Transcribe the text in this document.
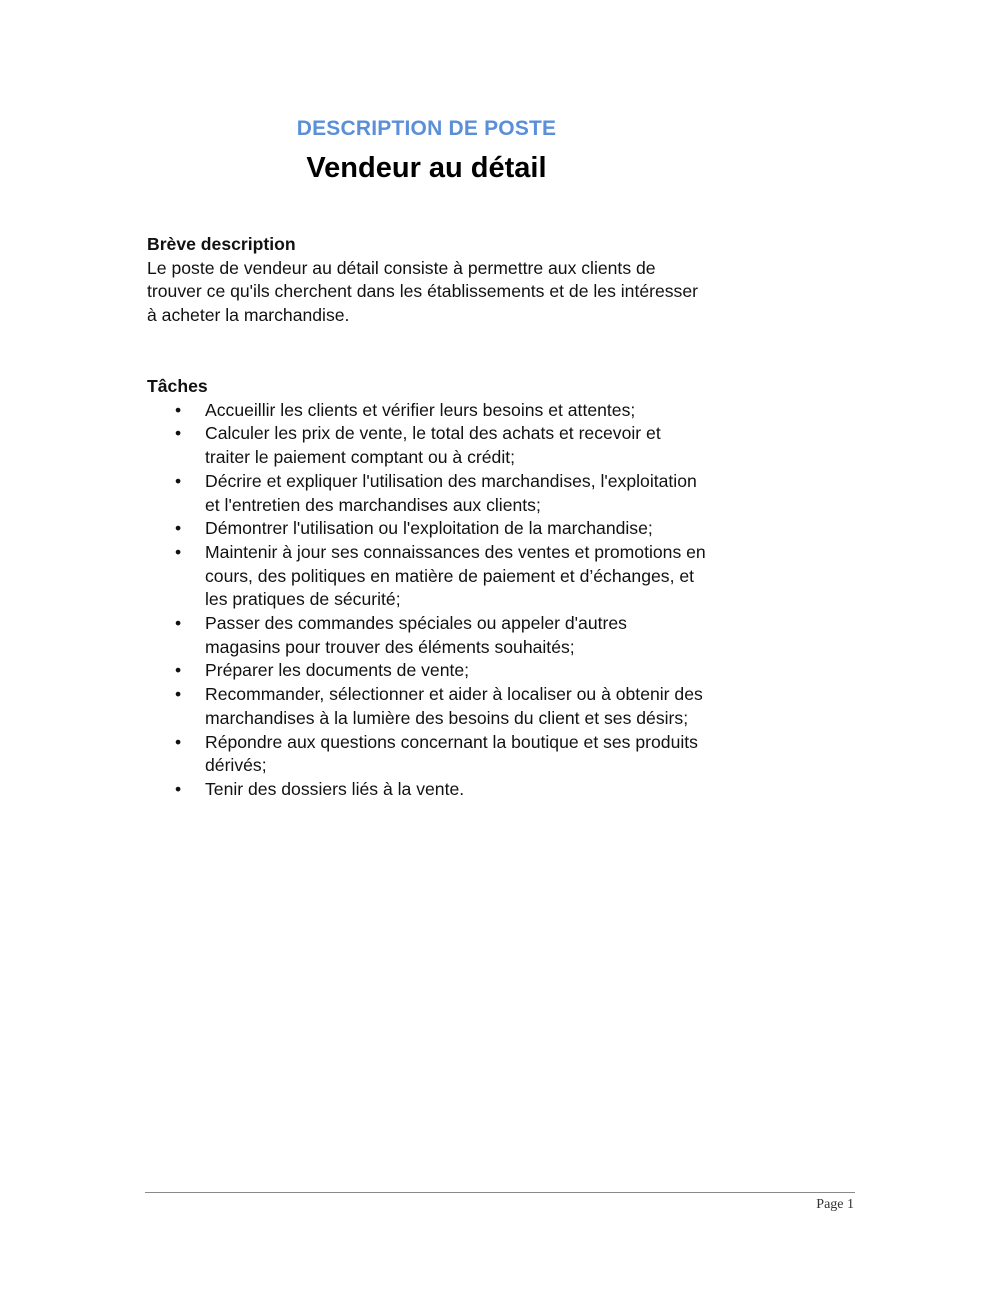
DESCRIPTION DE POSTE
Vendeur au détail

Brève description

Le poste de vendeur au détail consiste à permettre aux clients de trouver ce qu'ils cherchent dans les établissements et de les intéresser à acheter la marchandise.

Tâches

• Accueillir les clients et vérifier leurs besoins et attentes;
• Calculer les prix de vente, le total des achats et recevoir et traiter le paiement comptant ou à crédit;
• Décrire et expliquer l'utilisation des marchandises, l'exploitation et l'entretien des marchandises aux clients;
• Démontrer l'utilisation ou l'exploitation de la marchandise;
• Maintenir à jour ses connaissances des ventes et promotions en cours, des politiques en matière de paiement et d’échanges, et les pratiques de sécurité;
• Passer des commandes spéciales ou appeler d'autres magasins pour trouver des éléments souhaités;
• Préparer les documents de vente;
• Recommander, sélectionner et aider à localiser ou à obtenir des marchandises à la lumière des besoins du client et ses désirs;
• Répondre aux questions concernant la boutique et ses produits dérivés;
• Tenir des dossiers liés à la vente.
Page 1
